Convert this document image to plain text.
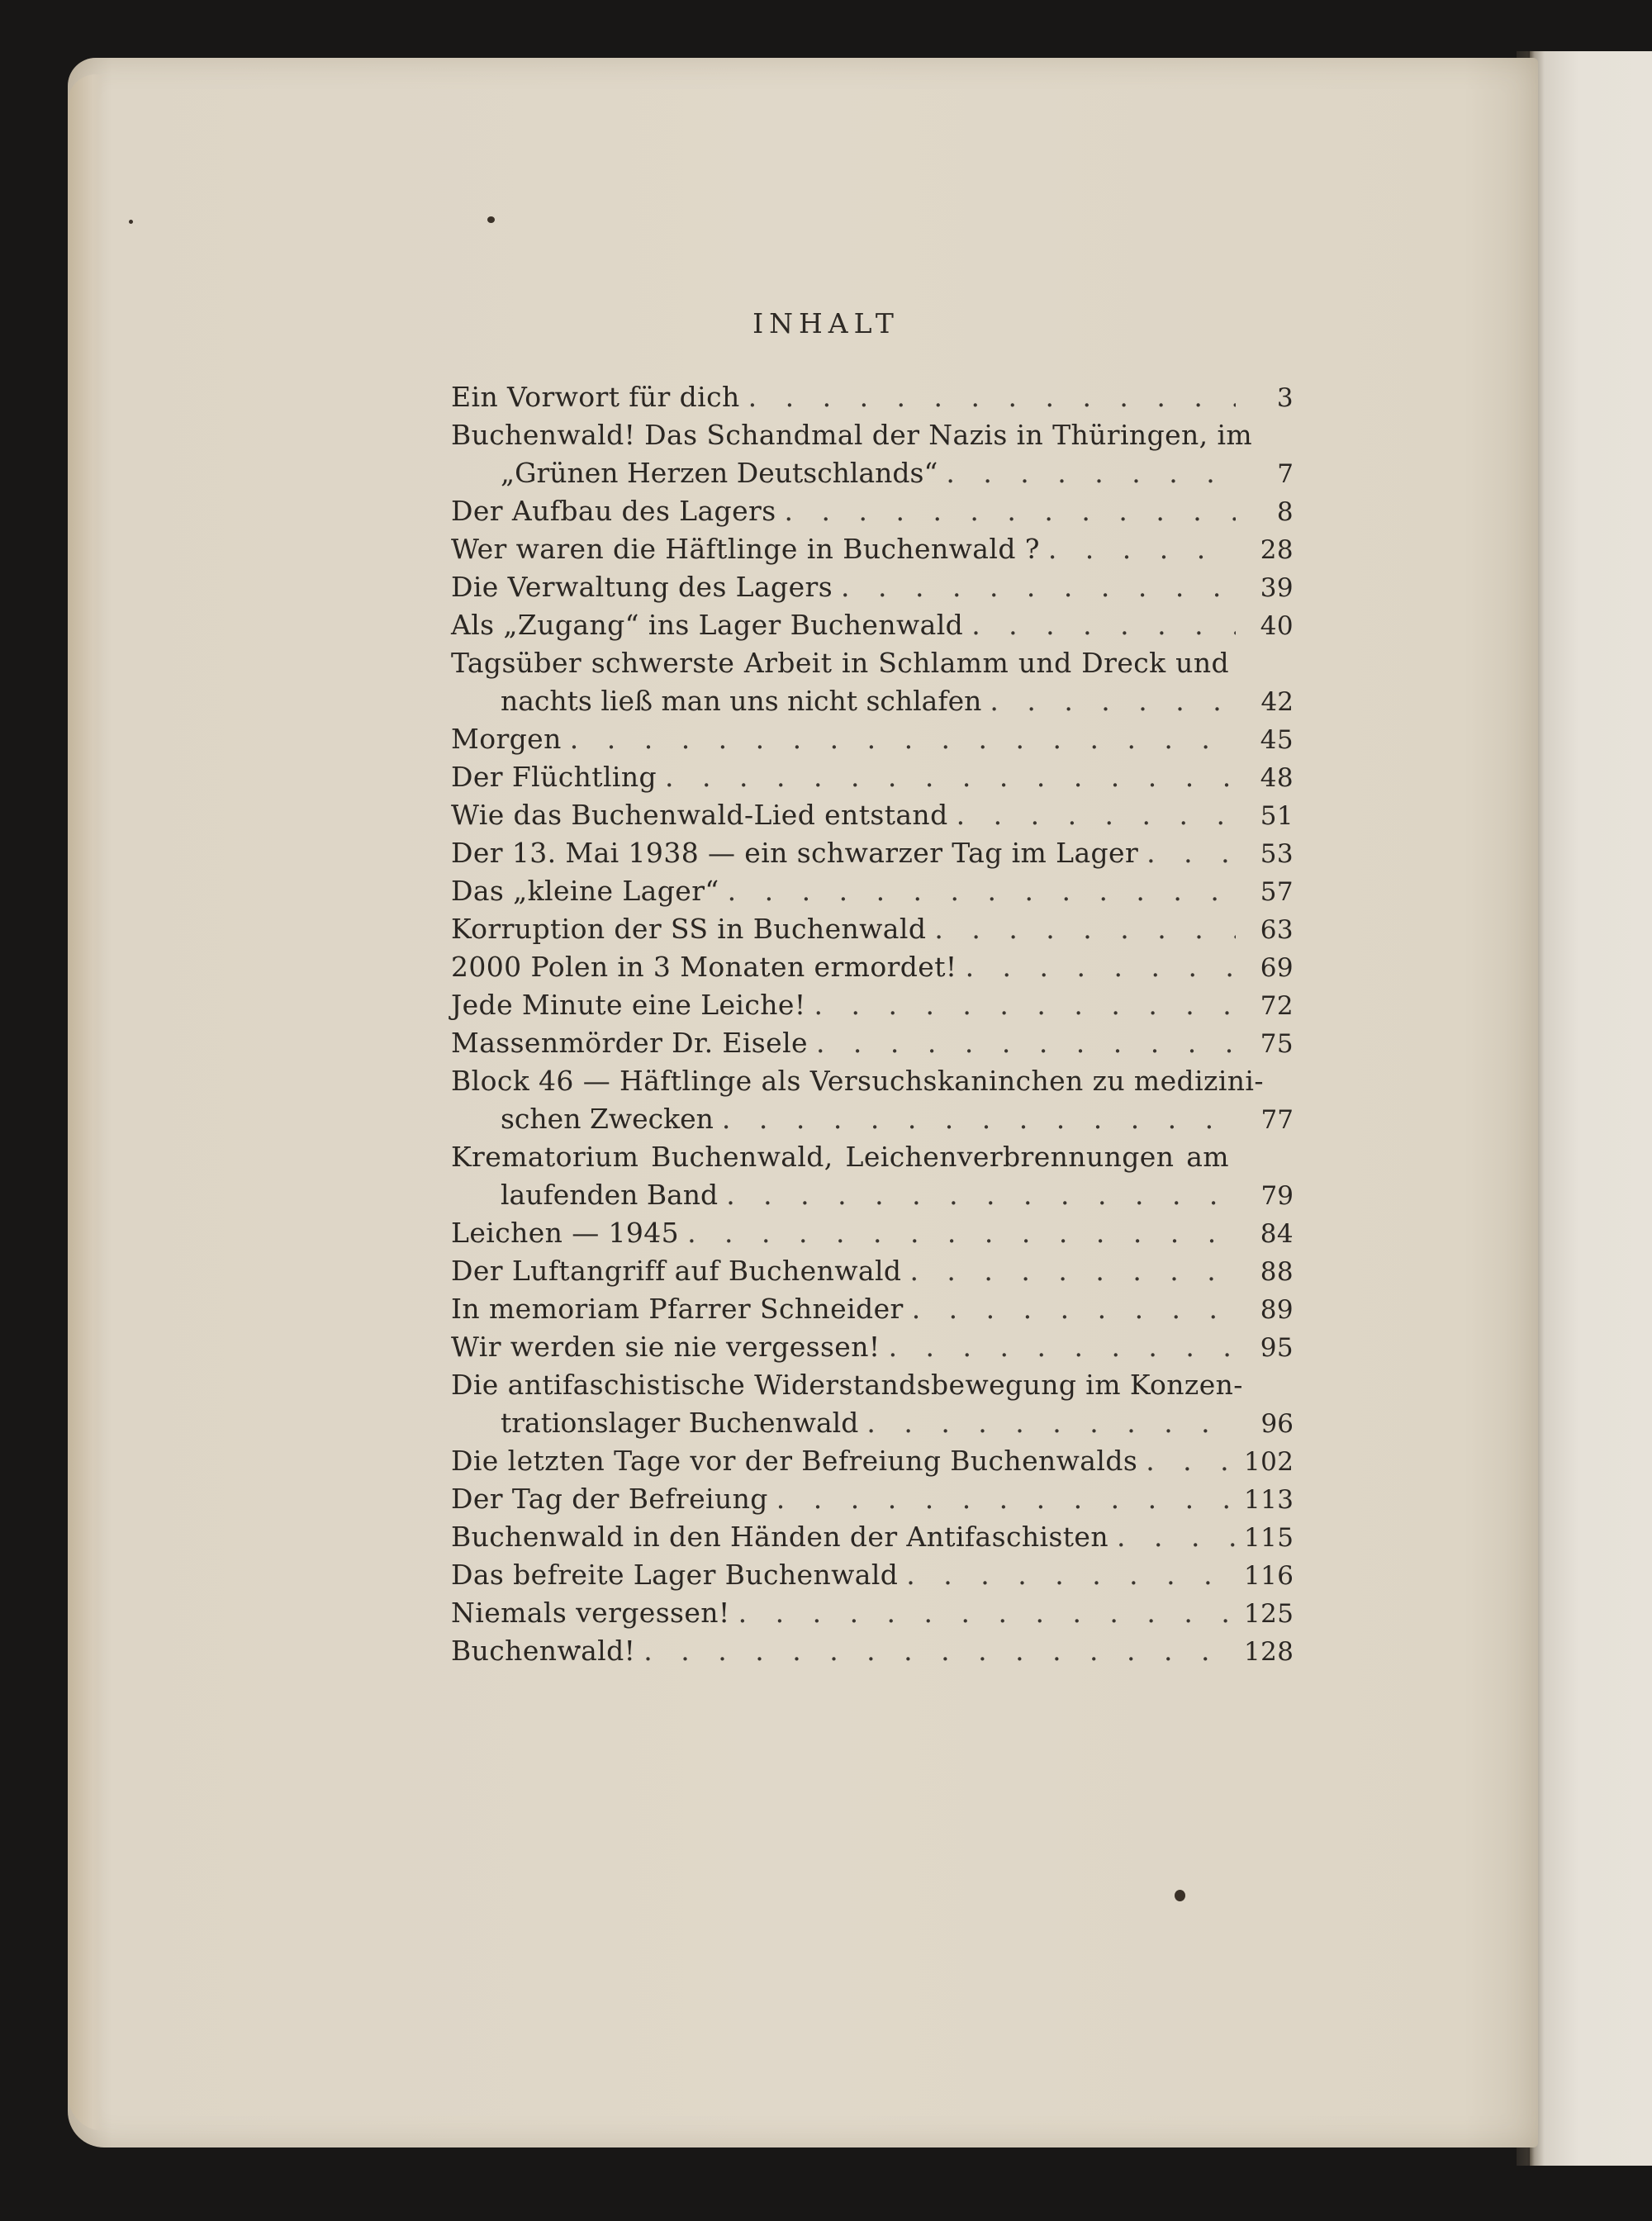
INHALT
Ein Vorwort für dich . . .	3
Buchenwald! Das Schandmal der Nazis in Thüringen, im
„Grünen Herzen Deutschlands“ . . .	7
Der Aufbau des Lagers . . .	8
Wer waren die Häftlinge in Buchenwald ? . . .	28
Die Verwaltung des Lagers . . .	39
Als „Zugang“ ins Lager Buchenwald . . .	40
Tagsüber schwerste Arbeit in Schlamm und Dreck und
nachts ließ man uns nicht schlafen . . .	42
Morgen . . .	45
Der Flüchtling . . .	48
Wie das Buchenwald-Lied entstand . . .	51
Der 13. Mai 1938 — ein schwarzer Tag im Lager . . .	53
Das „kleine Lager“ . . .	57
Korruption der SS in Buchenwald . . .	63
2000 Polen in 3 Monaten ermordet! . . .	69
Jede Minute eine Leiche! . . .	72
Massenmörder Dr. Eisele . . .	75
Block 46 — Häftlinge als Versuchskaninchen zu medizini-
schen Zwecken . . .	77
Krematorium Buchenwald, Leichenverbrennungen am
laufenden Band . . .	79
Leichen — 1945 . . .	84
Der Luftangriff auf Buchenwald . . .	88
In memoriam Pfarrer Schneider . . .	89
Wir werden sie nie vergessen! . . .	95
Die antifaschistische Widerstandsbewegung im Konzen-
trationslager Buchenwald . . .	96
Die letzten Tage vor der Befreiung Buchenwalds . . .	102
Der Tag der Befreiung . . .	113
Buchenwald in den Händen der Antifaschisten . . .	115
Das befreite Lager Buchenwald . . .	116
Niemals vergessen! . . .	125
Buchenwald! . . .	128
